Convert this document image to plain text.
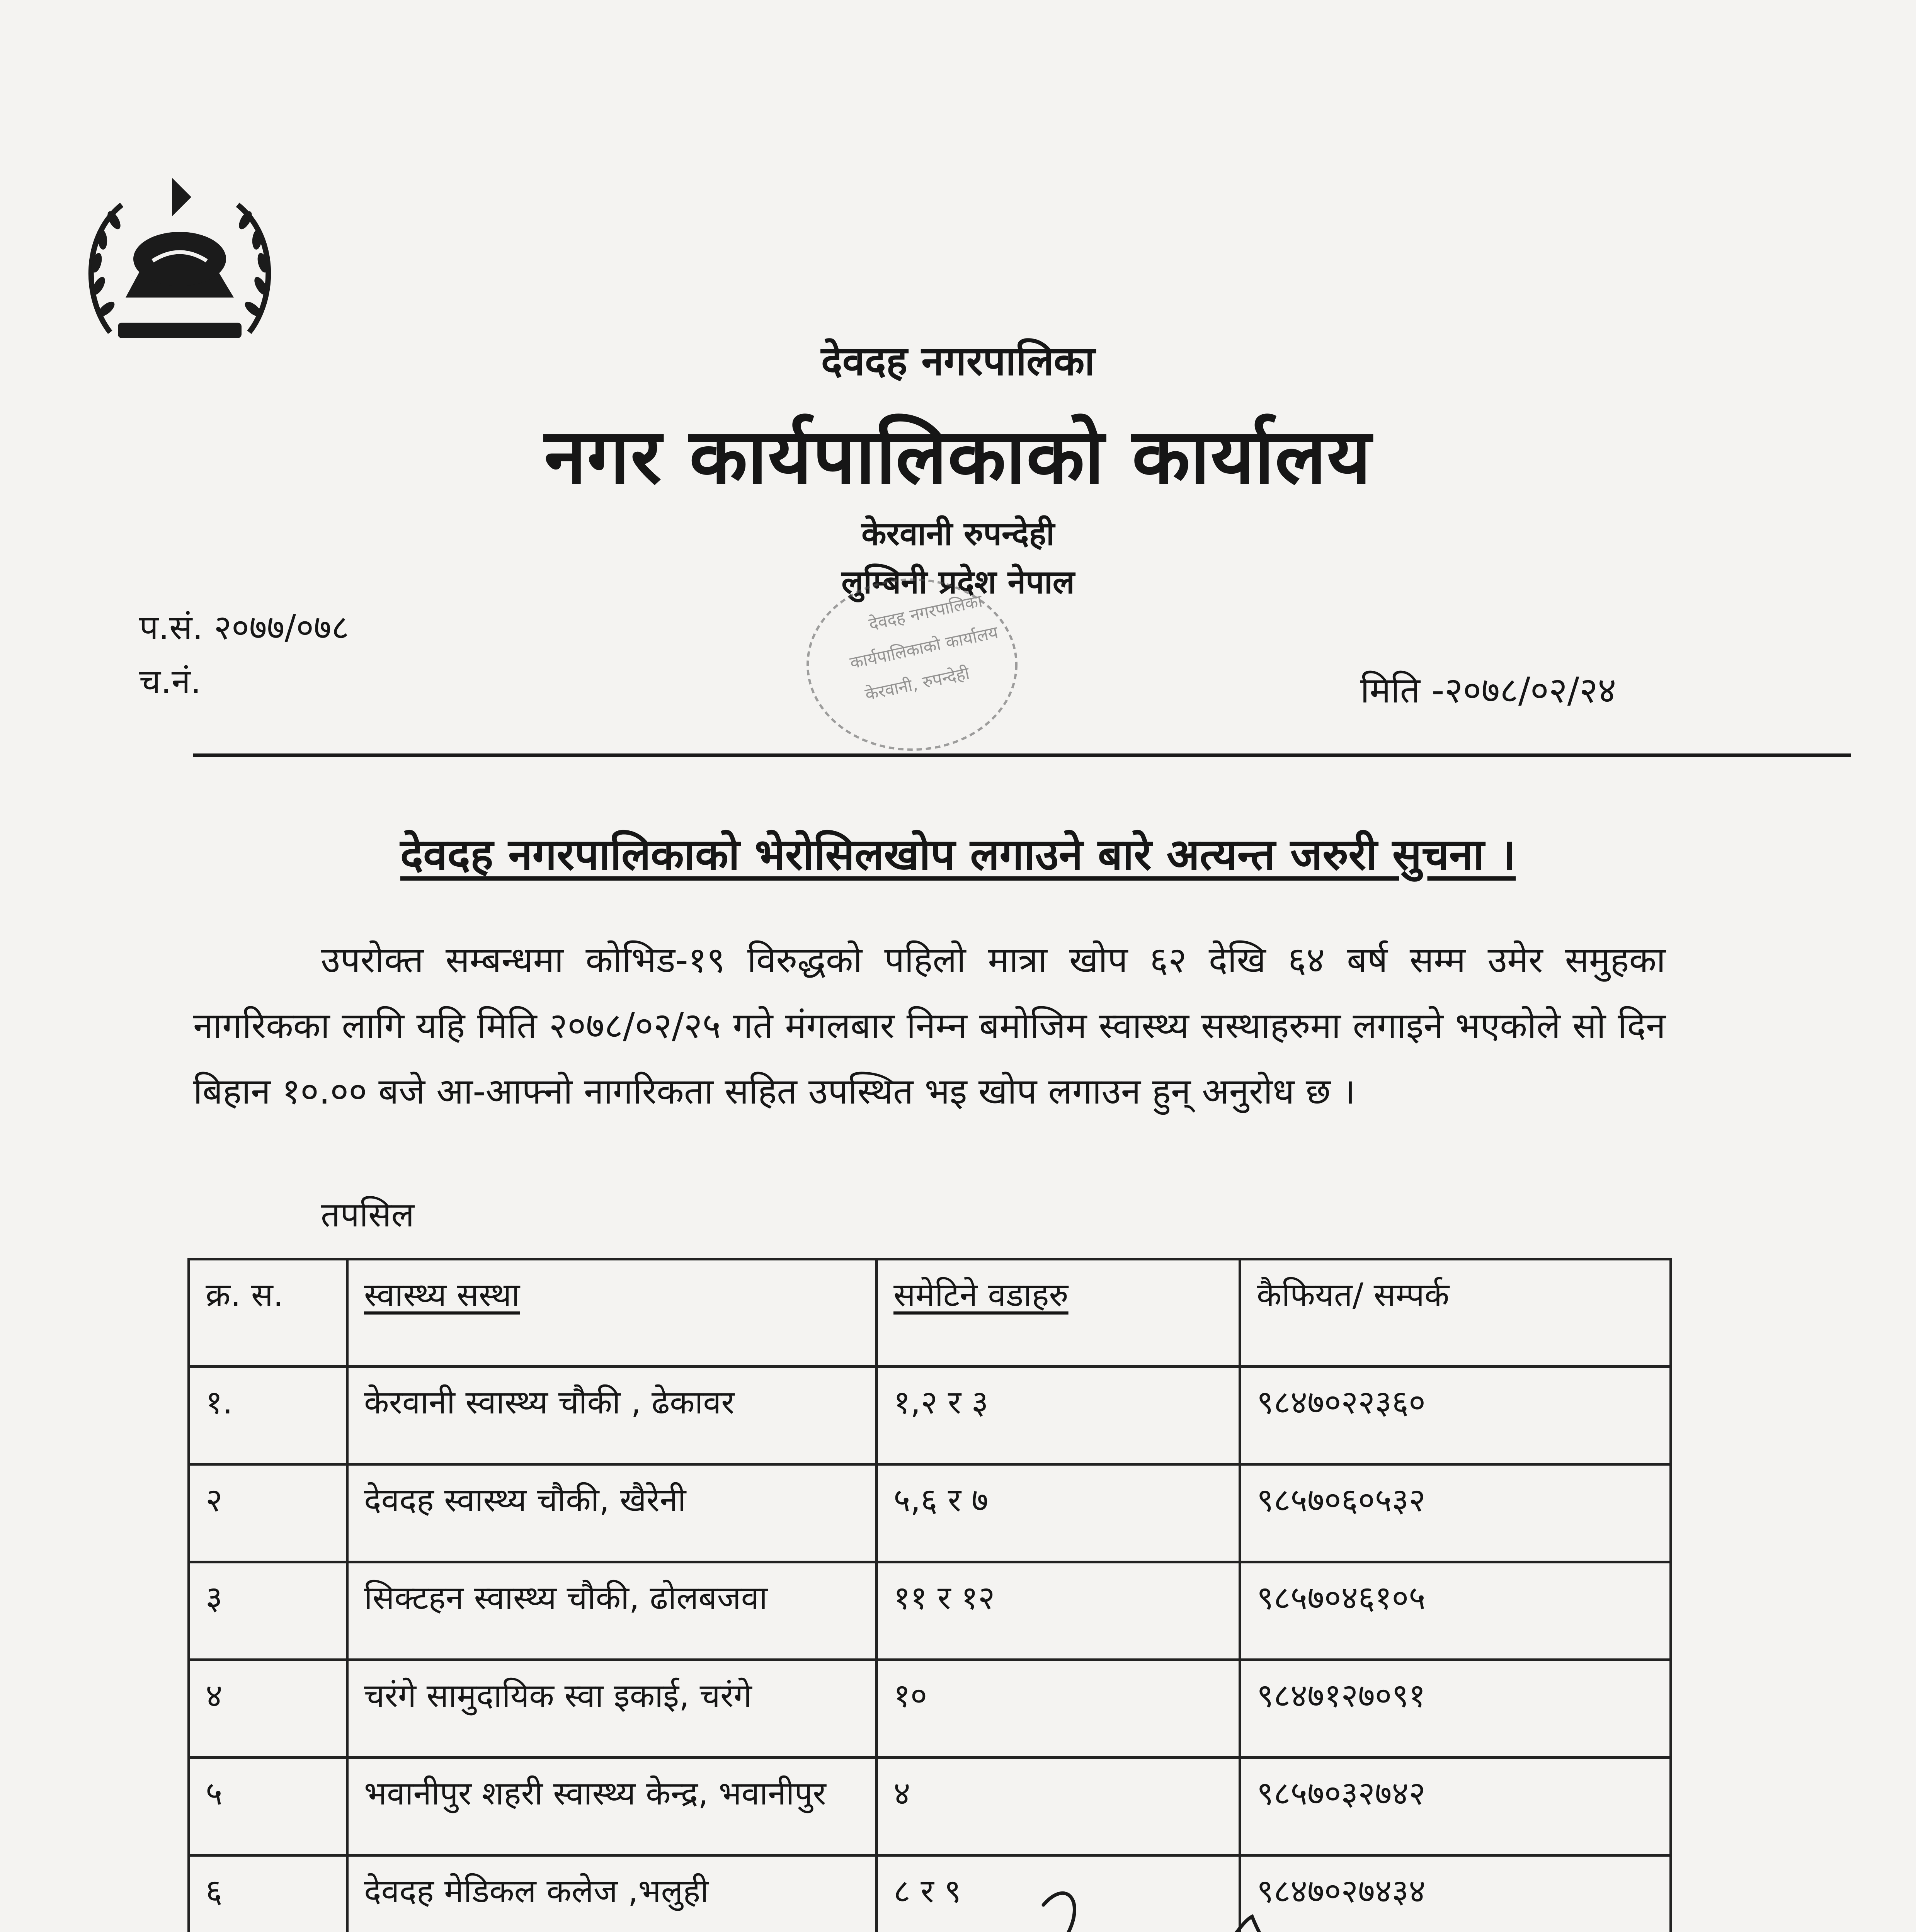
देवदह नगरपालिका
नगर कार्यपालिकाको कार्यालय
केरवानी रुपन्देही
लुम्बिनी प्रदेश नेपाल
प.सं. २०७७/०७८
च.नं.	मिति -२०७८/०२/२४
देवदह नगरपालिका
कार्यपालिकाको कार्यालय
केरवानी, रुपन्देही
देवदह नगरपालिकाको भेरोसिलखोप लगाउने बारे अत्यन्त जरुरी सुचना ।
उपरोक्त सम्बन्धमा कोभिड-१९ विरुद्धको पहिलो मात्रा खोप ६२ देखि ६४ बर्ष सम्म उमेर समुहका नागरिकका लागि यहि मिति २०७८/०२/२५ गते मंगलबार निम्न बमोजिम स्वास्थ्य सस्थाहरुमा लगाइने भएकोले सो दिन बिहान १०.०० बजे आ-आफ्नो नागरिकता सहित उपस्थित भइ खोप लगाउन हुन् अनुरोध छ ।
तपसिल
क्र. स.	स्वास्थ्य सस्था	समेटिने वडाहरु	कैफियत/ सम्पर्क
१.	केरवानी स्वास्थ्य चौकी , ढेकावर	१,२ र ३	९८४७०२२३६०
२	देवदह स्वास्थ्य चौकी, खैरेनी	५,६ र ७	९८५७०६०५३२
३	सिक्टहन स्वास्थ्य चौकी, ढोलबजवा	११ र १२	९८५७०४६१०५
४	चरंगे सामुदायिक स्वा इकाई, चरंगे	१०	९८४७१२७०९१
५	भवानीपुर शहरी स्वास्थ्य केन्द्र, भवानीपुर	४	९८५७०३२७४२
६	देवदह मेडिकल कलेज ,भलुही	८ र ९	९८४७०२७४३४
